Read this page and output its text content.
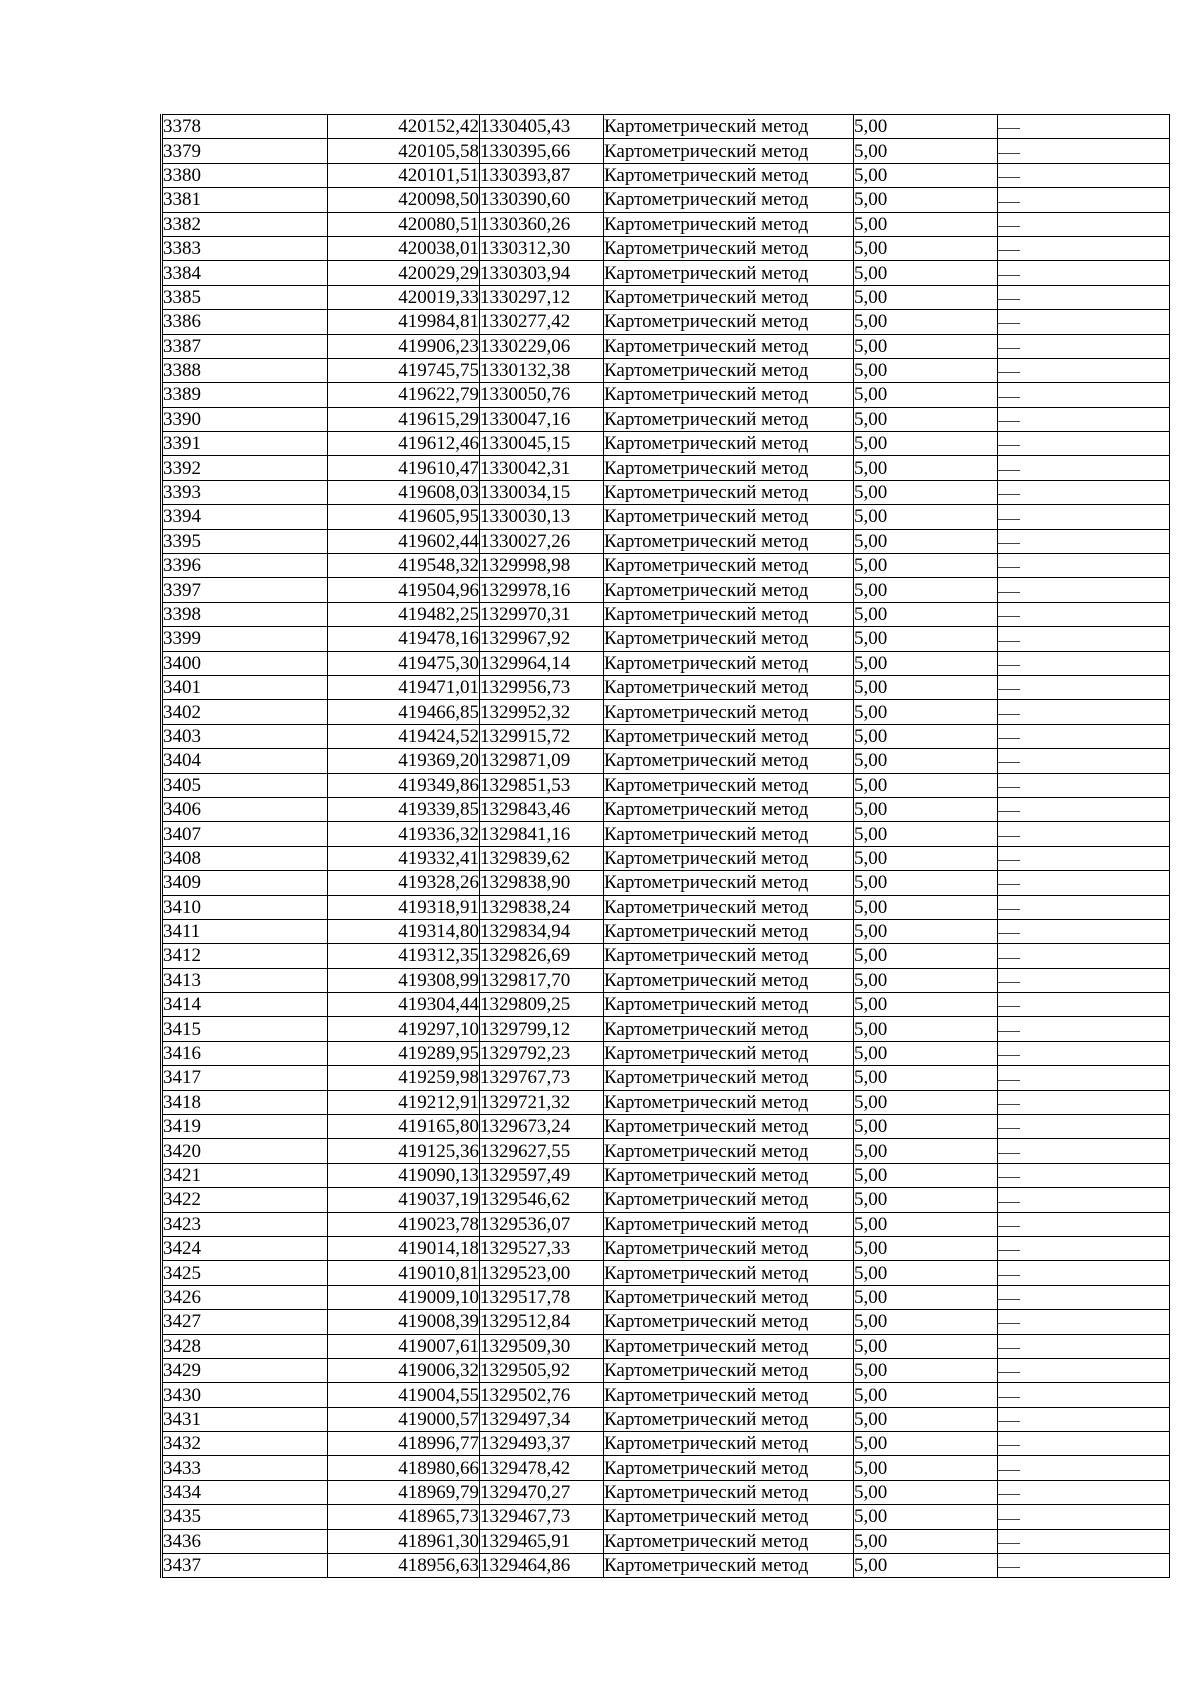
3378	420152,42	1330405,43	Картометрический метод	5,00	
3379	420105,58	1330395,66	Картометрический метод	5,00	
3380	420101,51	1330393,87	Картометрический метод	5,00	
3381	420098,50	1330390,60	Картометрический метод	5,00	
3382	420080,51	1330360,26	Картометрический метод	5,00	
3383	420038,01	1330312,30	Картометрический метод	5,00	
3384	420029,29	1330303,94	Картометрический метод	5,00	
3385	420019,33	1330297,12	Картометрический метод	5,00	
3386	419984,81	1330277,42	Картометрический метод	5,00	
3387	419906,23	1330229,06	Картометрический метод	5,00	
3388	419745,75	1330132,38	Картометрический метод	5,00	
3389	419622,79	1330050,76	Картометрический метод	5,00	
3390	419615,29	1330047,16	Картометрический метод	5,00	
3391	419612,46	1330045,15	Картометрический метод	5,00	
3392	419610,47	1330042,31	Картометрический метод	5,00	
3393	419608,03	1330034,15	Картометрический метод	5,00	
3394	419605,95	1330030,13	Картометрический метод	5,00	
3395	419602,44	1330027,26	Картометрический метод	5,00	
3396	419548,32	1329998,98	Картометрический метод	5,00	
3397	419504,96	1329978,16	Картометрический метод	5,00	
3398	419482,25	1329970,31	Картометрический метод	5,00	
3399	419478,16	1329967,92	Картометрический метод	5,00	
3400	419475,30	1329964,14	Картометрический метод	5,00	
3401	419471,01	1329956,73	Картометрический метод	5,00	
3402	419466,85	1329952,32	Картометрический метод	5,00	
3403	419424,52	1329915,72	Картометрический метод	5,00	
3404	419369,20	1329871,09	Картометрический метод	5,00	
3405	419349,86	1329851,53	Картометрический метод	5,00	
3406	419339,85	1329843,46	Картометрический метод	5,00	
3407	419336,32	1329841,16	Картометрический метод	5,00	
3408	419332,41	1329839,62	Картометрический метод	5,00	
3409	419328,26	1329838,90	Картометрический метод	5,00	
3410	419318,91	1329838,24	Картометрический метод	5,00	
3411	419314,80	1329834,94	Картометрический метод	5,00	
3412	419312,35	1329826,69	Картометрический метод	5,00	
3413	419308,99	1329817,70	Картометрический метод	5,00	
3414	419304,44	1329809,25	Картометрический метод	5,00	
3415	419297,10	1329799,12	Картометрический метод	5,00	
3416	419289,95	1329792,23	Картометрический метод	5,00	
3417	419259,98	1329767,73	Картометрический метод	5,00	
3418	419212,91	1329721,32	Картометрический метод	5,00	
3419	419165,80	1329673,24	Картометрический метод	5,00	
3420	419125,36	1329627,55	Картометрический метод	5,00	
3421	419090,13	1329597,49	Картометрический метод	5,00	
3422	419037,19	1329546,62	Картометрический метод	5,00	
3423	419023,78	1329536,07	Картометрический метод	5,00	
3424	419014,18	1329527,33	Картометрический метод	5,00	
3425	419010,81	1329523,00	Картометрический метод	5,00	
3426	419009,10	1329517,78	Картометрический метод	5,00	
3427	419008,39	1329512,84	Картометрический метод	5,00	
3428	419007,61	1329509,30	Картометрический метод	5,00	
3429	419006,32	1329505,92	Картометрический метод	5,00	
3430	419004,55	1329502,76	Картометрический метод	5,00	
3431	419000,57	1329497,34	Картометрический метод	5,00	
3432	418996,77	1329493,37	Картометрический метод	5,00	
3433	418980,66	1329478,42	Картометрический метод	5,00	
3434	418969,79	1329470,27	Картометрический метод	5,00	
3435	418965,73	1329467,73	Картометрический метод	5,00	
3436	418961,30	1329465,91	Картометрический метод	5,00	
3437	418956,63	1329464,86	Картометрический метод	5,00	
